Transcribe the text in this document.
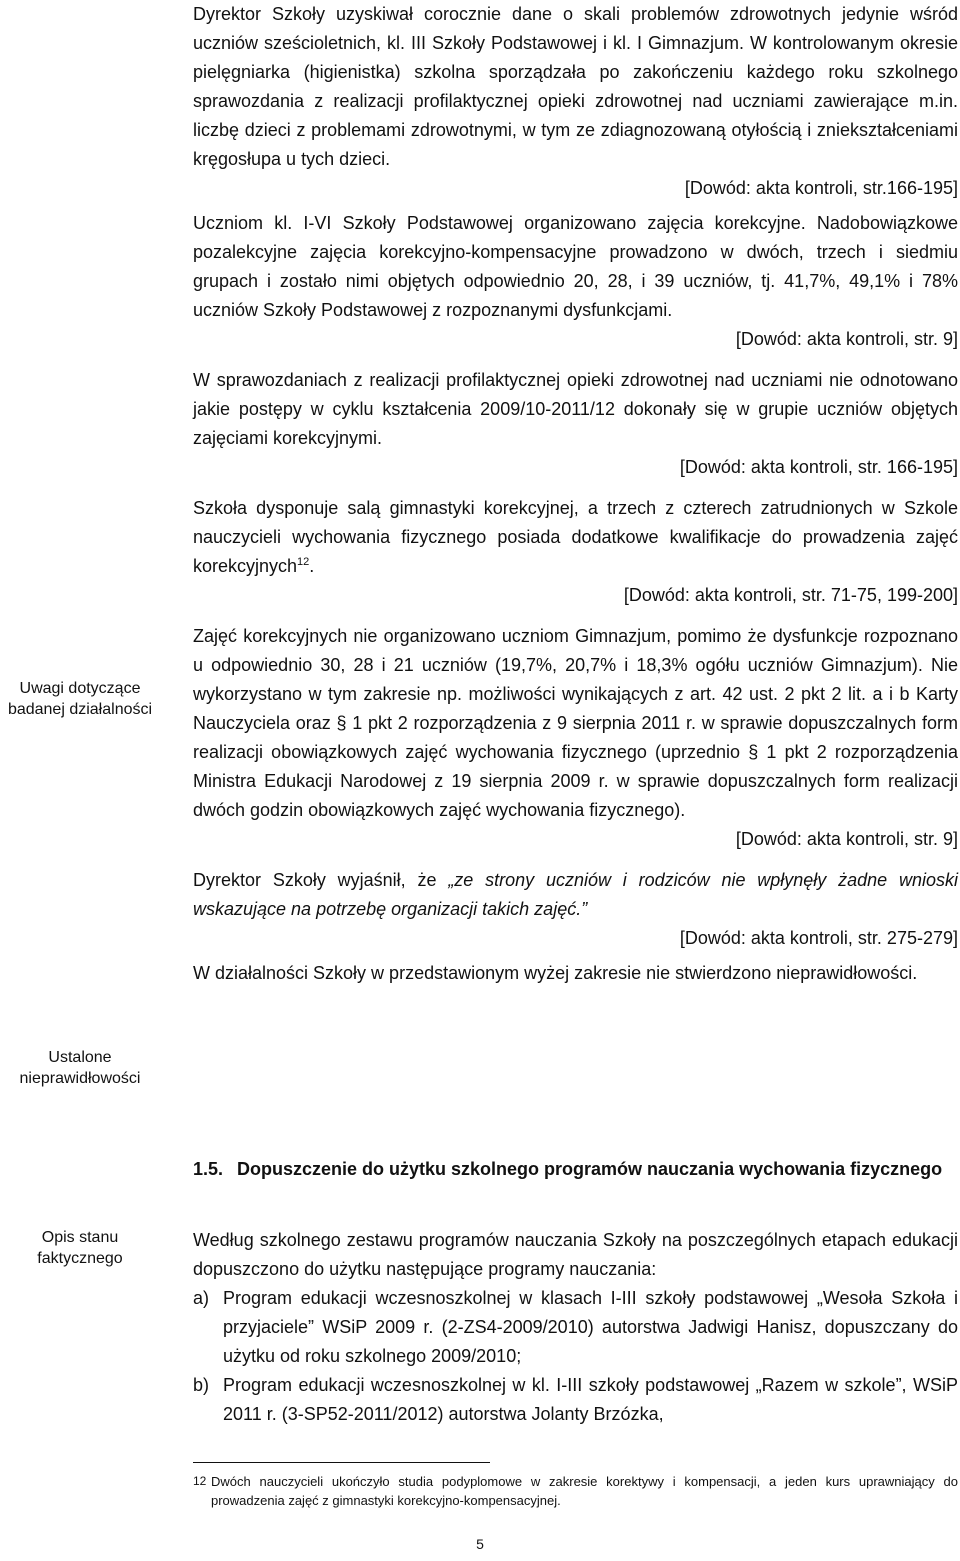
Uwagi dotyczące
badanej działalności
Ustalone
nieprawidłowości
Opis stanu
faktycznego

Dyrektor Szkoły uzyskiwał corocznie dane o skali problemów zdrowotnych jedynie wśród uczniów sześcioletnich, kl. III Szkoły Podstawowej i kl. I Gimnazjum. W kontrolowanym okresie pielęgniarka (higienistka) szkolna sporządzała po zakończeniu każdego roku szkolnego sprawozdania z realizacji profilaktycznej opieki zdrowotnej nad uczniami zawierające m.in. liczbę dzieci z problemami zdrowotnymi, w tym ze zdiagnozowaną otyłością i zniekształceniami kręgosłupa u tych dzieci.

[Dowód: akta kontroli, str.166-195]

Uczniom kl. I-VI Szkoły Podstawowej organizowano zajęcia korekcyjne. Nadobowiązkowe pozalekcyjne zajęcia korekcyjno-kompensacyjne prowadzono w dwóch, trzech i siedmiu grupach i zostało nimi objętych odpowiednio 20, 28, i 39 uczniów, tj. 41,7%, 49,1% i 78% uczniów Szkoły Podstawowej z rozpoznanymi dysfunkcjami.

[Dowód: akta kontroli, str. 9]

W sprawozdaniach z realizacji profilaktycznej opieki zdrowotnej nad uczniami nie odnotowano jakie postępy w cyklu kształcenia 2009/10-2011/12 dokonały się w grupie uczniów objętych zajęciami korekcyjnymi.

[Dowód: akta kontroli, str. 166-195]

Szkoła dysponuje salą gimnastyki korekcyjnej, a trzech z czterech zatrudnionych w Szkole nauczycieli wychowania fizycznego posiada dodatkowe kwalifikacje do prowadzenia zajęć korekcyjnych$^{12}$.

[Dowód: akta kontroli, str. 71-75, 199-200]

Zajęć korekcyjnych nie organizowano uczniom Gimnazjum, pomimo że dysfunkcje rozpoznano u odpowiednio 30, 28 i 21 uczniów (19,7%, 20,7% i 18,3% ogółu uczniów Gimnazjum). Nie wykorzystano w tym zakresie np. możliwości wynikających z art. 42 ust. 2 pkt 2 lit. a i b Karty Nauczyciela oraz § 1 pkt 2 rozporządzenia z 9 sierpnia 2011 r. w sprawie dopuszczalnych form realizacji obowiązkowych zajęć wychowania fizycznego (uprzednio § 1 pkt 2 rozporządzenia Ministra Edukacji Narodowej z 19 sierpnia 2009 r. w sprawie dopuszczalnych form realizacji dwóch godzin obowiązkowych zajęć wychowania fizycznego).

[Dowód: akta kontroli, str. 9]

Dyrektor Szkoły wyjaśnił, że „ze strony uczniów i rodziców nie wpłynęły żadne wnioski wskazujące na potrzebę organizacji takich zajęć.”

[Dowód: akta kontroli, str. 275-279]

W działalności Szkoły w przedstawionym wyżej zakresie nie stwierdzono nieprawidłowości.

1.5. Dopuszczenie do użytku szkolnego programów nauczania wychowania fizycznego

Według szkolnego zestawu programów nauczania Szkoły na poszczególnych etapach edukacji dopuszczono do użytku następujące programy nauczania:

a) Program edukacji wczesnoszkolnej w klasach I-III szkoły podstawowej „Wesoła Szkoła i przyjaciele” WSiP 2009 r. (2-ZS4-2009/2010) autorstwa Jadwigi Hanisz, dopuszczany do użytku od roku szkolnego 2009/2010;
b) Program edukacji wczesnoszkolnej w kl. I-III szkoły podstawowej „Razem w szkole”, WSiP 2011 r. (3-SP52-2011/2012) autorstwa Jolanty Brzózka,
12 Dwóch nauczycieli ukończyło studia podyplomowe w zakresie korektywy i kompensacji, a jeden kurs uprawniający do prowadzenia zajęć z gimnastyki korekcyjno-kompensacyjnej.
5
